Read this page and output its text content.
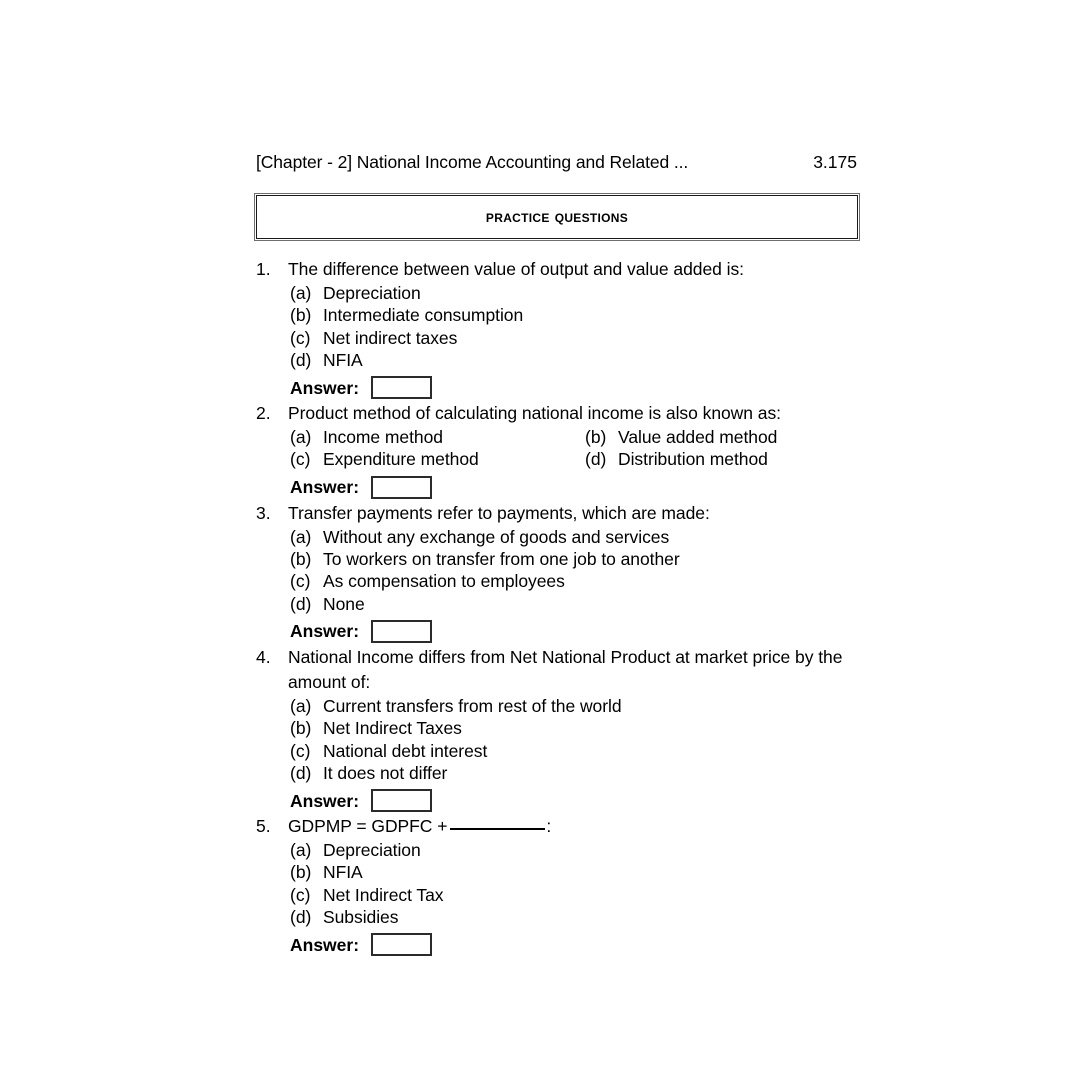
[Chapter - 2] National Income Accounting and Related ...	3.175
practice questions
1. The difference between value of output and value added is:
(a) Depreciation
(b) Intermediate consumption
(c) Net indirect taxes
(d) NFIA
Answer:
2. Product method of calculating national income is also known as:
(a) Income method	(b) Value added method
(c) Expenditure method	(d) Distribution method
Answer:
3. Transfer payments refer to payments, which are made:
(a) Without any exchange of goods and services
(b) To workers on transfer from one job to another
(c) As compensation to employees
(d) None
Answer:
4. National Income differs from Net National Product at market price by the amount of:
(a) Current transfers from rest of the world
(b) Net Indirect Taxes
(c) National debt interest
(d) It does not differ
Answer:
5. GDPMP = GDPFC +	:
(a) Depreciation
(b) NFIA
(c) Net Indirect Tax
(d) Subsidies
Answer:
